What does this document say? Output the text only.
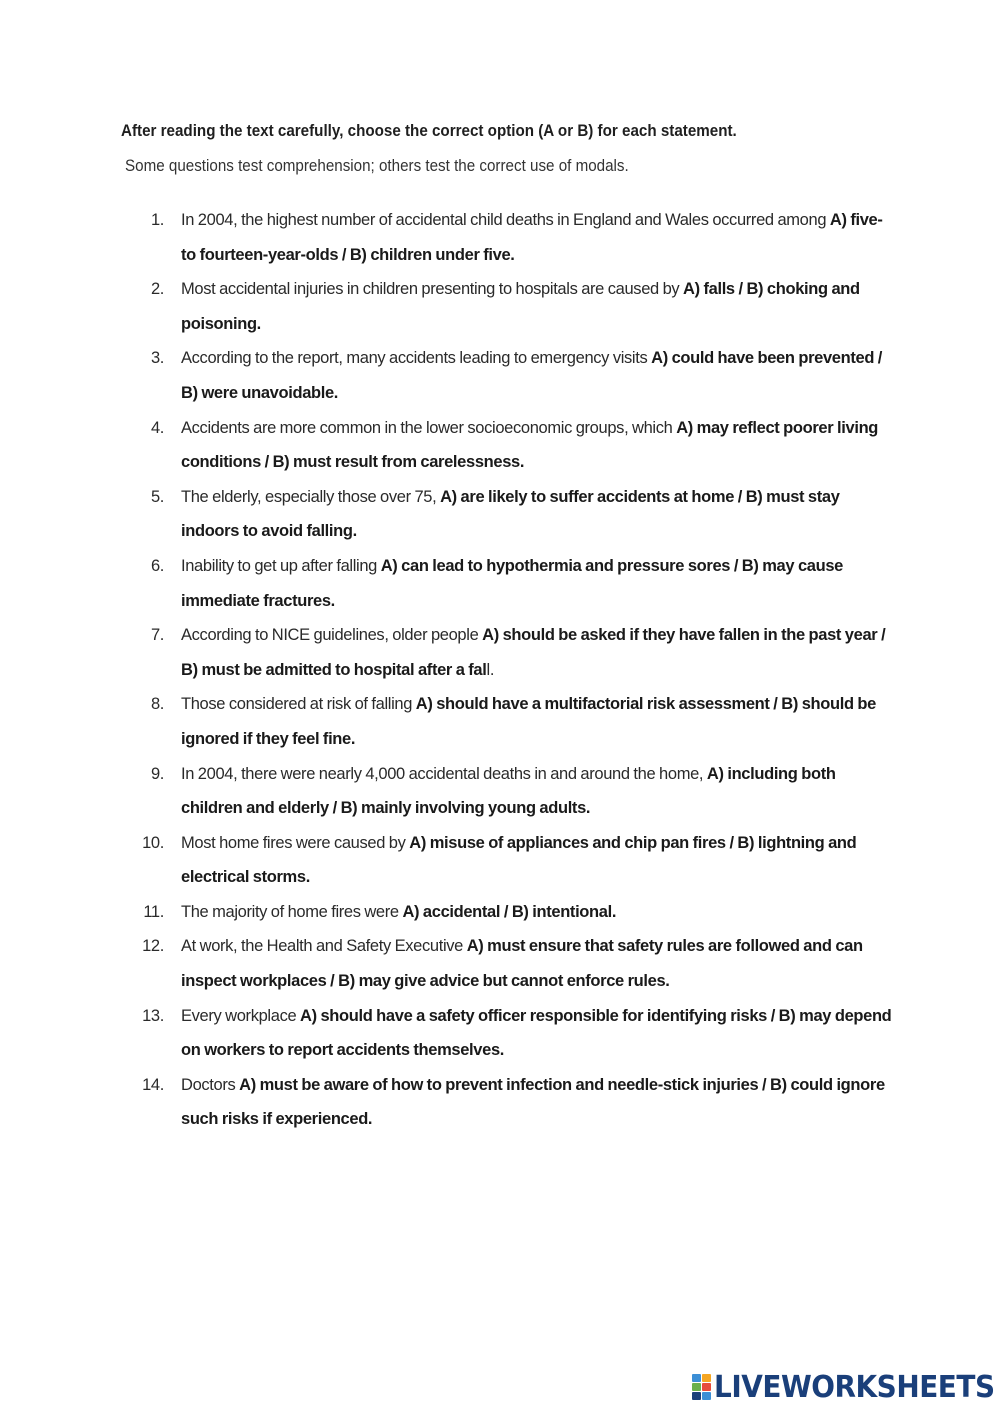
After reading the text carefully, choose the correct option (A or B) for each statement.
Some questions test comprehension; others test the correct use of modals.
1. In 2004, the highest number of accidental child deaths in England and Wales occurred among A) five- to fourteen-year-olds / B) children under five.
2. Most accidental injuries in children presenting to hospitals are caused by A) falls / B) choking and poisoning.
3. According to the report, many accidents leading to emergency visits A) could have been prevented / B) were unavoidable.
4. Accidents are more common in the lower socioeconomic groups, which A) may reflect poorer living conditions / B) must result from carelessness.
5. The elderly, especially those over 75, A) are likely to suffer accidents at home / B) must stay indoors to avoid falling.
6. Inability to get up after falling A) can lead to hypothermia and pressure sores / B) may cause immediate fractures.
7. According to NICE guidelines, older people A) should be asked if they have fallen in the past year / B) must be admitted to hospital after a fall.
8. Those considered at risk of falling A) should have a multifactorial risk assessment / B) should be ignored if they feel fine.
9. In 2004, there were nearly 4,000 accidental deaths in and around the home, A) including both children and elderly / B) mainly involving young adults.
10. Most home fires were caused by A) misuse of appliances and chip pan fires / B) lightning and electrical storms.
11. The majority of home fires were A) accidental / B) intentional.
12. At work, the Health and Safety Executive A) must ensure that safety rules are followed and can inspect workplaces / B) may give advice but cannot enforce rules.
13. Every workplace A) should have a safety officer responsible for identifying risks / B) may depend on workers to report accidents themselves.
14. Doctors A) must be aware of how to prevent infection and needle-stick injuries / B) could ignore such risks if experienced.
LIVEWORKSHEETS
